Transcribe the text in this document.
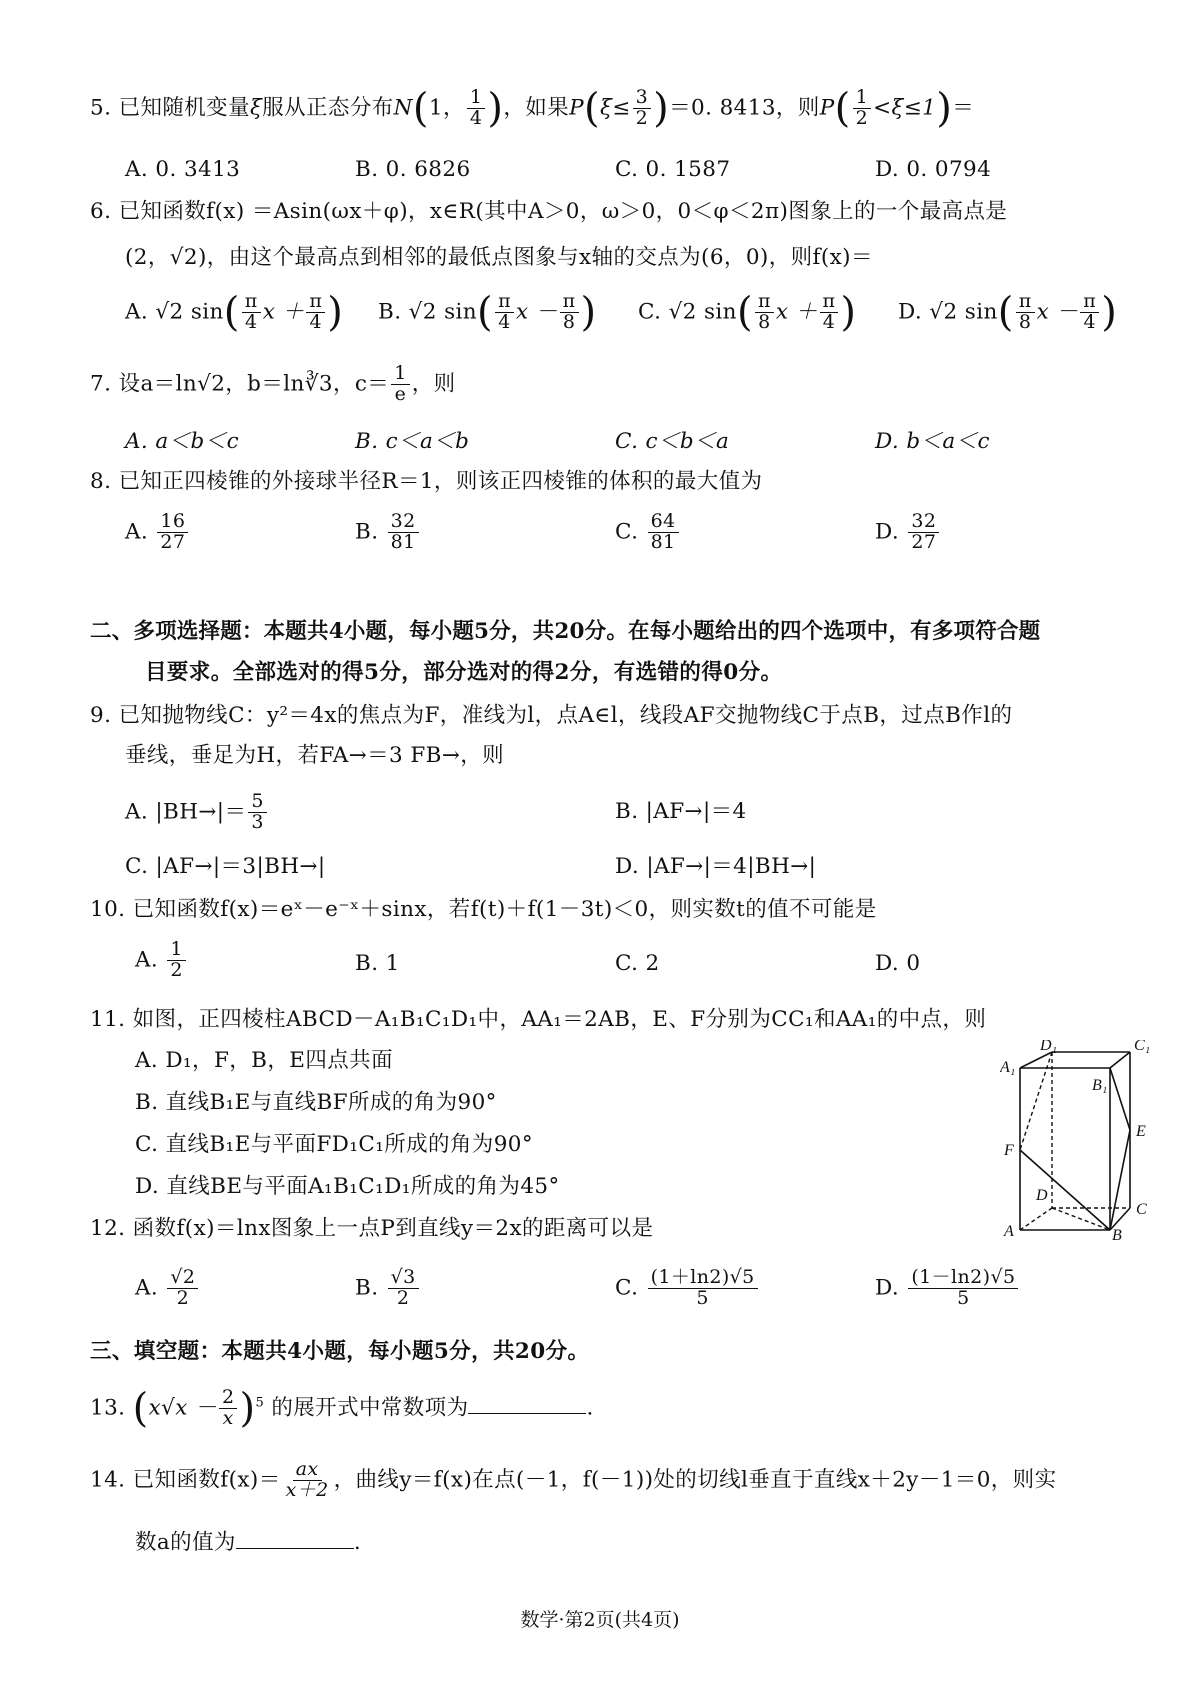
5. 已知随机变量ξ服从正态分布N(1， $\frac{1}{4}$ )，如果$P(\xi\le \frac{3}{2} )=0$. 8413，则$P( \frac{1}{2} <\xi\le 1)=$
A. 0. 3413	B. 0. 6826	C. 0. 1587	D. 0. 0794
6. 已知函数f(x) ＝Asin(ωx＋φ)，x∈R(其中A＞0，ω＞0，0＜φ＜2π)图象上的一个最高点是
(2，√2)，由这个最高点到相邻的最低点图象与x轴的交点为(6，0)，则f(x)＝
A. √2 $\sin( \frac{\pi}{4}$ $x + \frac{\pi}{4}$ ) B. √2 $\sin( \frac{\pi}{4}$ $x - \frac{\pi}{8}$ ) C. √2 $\sin( \frac{\pi}{8}$ $x + \frac{\pi}{4}$ ) D. √2 $\sin( \frac{\pi}{8}$ $x - \frac{\pi}{4}$ )
7. 设a＝ln√2，b＝ln∛3，$c= \frac{1}{e}$ ，则
A. a＜b＜c	B. c＜a＜b	C. c＜b＜a	D. b＜a＜c
8. 已知正四棱锥的外接球半径R＝1，则该正四棱锥的体积的最大值为
A. $\frac{16}{27}$	B. $\frac{32}{81}$	C. $\frac{64}{81}$	D. $\frac{32}{27}$
二、多项选择题：本题共4小题，每小题5分，共20分。在每小题给出的四个选项中，有多项符合题
目要求。全部选对的得5分，部分选对的得2分，有选错的得0分。
9. 已知抛物线C：y²＝4x的焦点为F，准线为l，点A∈l，线段AF交抛物线C于点B，过点B作l的
垂线，垂足为H，若FA→＝3 FB→，则
A. $|BH\to|= \frac{5}{3}$	B. |AF→|＝4
C. |AF→|＝3|BH→|	D. |AF→|＝4|BH→|
10. 已知函数f(x)＝eˣ－e⁻ˣ＋sinx，若f(t)＋f(1－3t)＜0，则实数t的值不可能是
A. $\frac{1}{2}$	B. 1	C. 2	D. 0
11. 如图，正四棱柱ABCD－A₁B₁C₁D₁中，AA₁＝2AB，E、F分别为CC₁和AA₁的中点，则
A. D₁，F，B，E四点共面
B. 直线B₁E与直线BF所成的角为90°
C. 直线B₁E与平面FD₁C₁所成的角为90°
D. 直线BE与平面A₁B₁C₁D₁所成的角为45°
D₁	C₁
A₁
B₁
E
F
D
C
A	B
12. 函数f(x)＝lnx图象上一点P到直线y＝2x的距离可以是
A. $\frac{√2}{2}$	B. $\frac{√3}{2}$	C. $\frac{(1+\ln 2)√5}{5}$	D. $\frac{(1-\ln 2)√5}{5}$
三、填空题：本题共4小题，每小题5分，共20分。
13. $(x√x - \frac{2}{x} )^5$ 的展开式中常数项为	.
14. 已知函数$f(x)= \frac{ax}{x+2}$ ，曲线y＝f(x)在点(－1，f(－1))处的切线l垂直于直线x＋2y－1＝0，则实
数a的值为	.
数学·第2页(共4页)
